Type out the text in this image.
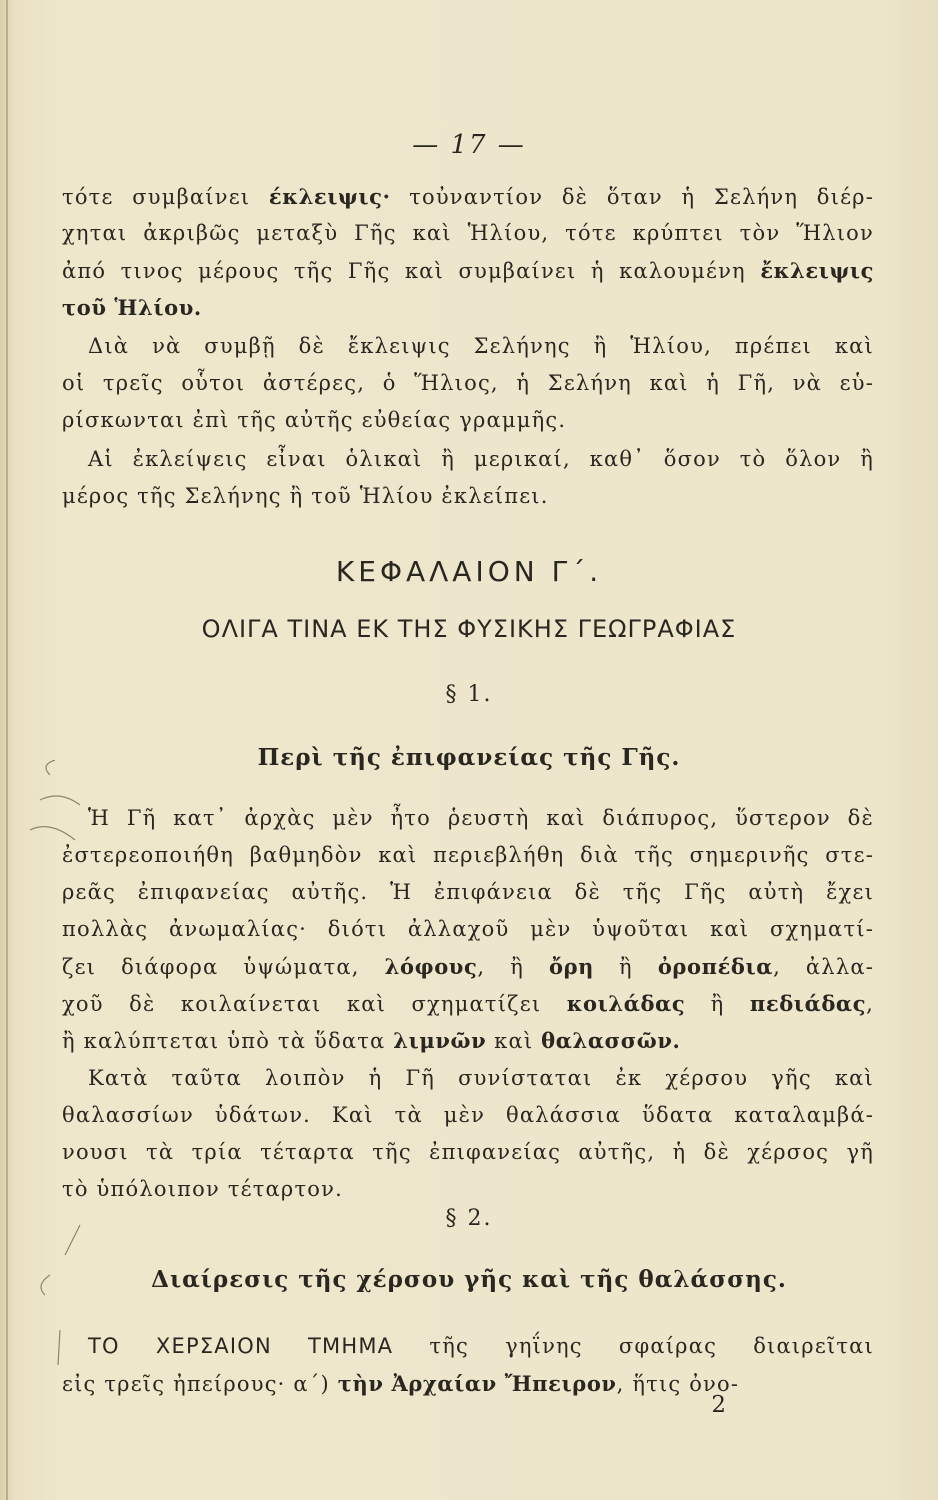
— 17 —
τότε συμβαίνει έκλειψις· τοὐναντίον δὲ ὅταν ἡ Σελήνη διέρ-
χηται ἀκριβῶς μεταξὺ Γῆς καὶ Ἡλίου, τότε κρύπτει τὸν Ἥλιον
ἀπό τινος μέρους τῆς Γῆς καὶ συμβαίνει ἡ καλουμένη ἔκλειψις
τοῦ Ἡλίου.
Διὰ νὰ συμβῇ δὲ ἔκλειψις Σελήνης ἢ Ἡλίου, πρέπει καὶ
οἱ τρεῖς οὗτοι ἀστέρες, ὁ Ἥλιος, ἡ Σελήνη καὶ ἡ Γῆ, νὰ εὑ-
ρίσκωνται ἐπὶ τῆς αὐτῆς εὐθείας γραμμῆς.
Αἱ ἐκλείψεις εἶναι ὁλικαὶ ἢ μερικαί, καθ᾿ ὅσον τὸ ὅλον ἢ
μέρος τῆς Σελήνης ἢ τοῦ Ἡλίου ἐκλείπει.
ΚΕΦΑΛΑΙΟΝ Γ΄.
ΟΛΙΓΑ ΤΙΝΑ ΕΚ ΤΗΣ ΦΥΣΙΚΗΣ ΓΕΩΓΡΑΦΙΑΣ
§ 1.
Περὶ τῆς ἐπιφανείας τῆς Γῆς.
Ἡ Γῆ κατ᾿ ἀρχὰς μὲν ἦτο ῥευστὴ καὶ διάπυρος, ὕστερον δὲ
ἐστερεοποιήθη βαθμηδὸν καὶ περιεβλήθη διὰ τῆς σημερινῆς στε-
ρεᾶς ἐπιφανείας αὐτῆς. Ἡ ἐπιφάνεια δὲ τῆς Γῆς αὐτὴ ἔχει
πολλὰς ἀνωμαλίας· διότι ἀλλαχοῦ μὲν ὑψοῦται καὶ σχηματί-
ζει διάφορα ὑψώματα, λόφους, ἢ ὄρη ἢ ὀροπέδια, ἀλλα-
χοῦ δὲ κοιλαίνεται καὶ σχηματίζει κοιλάδας ἢ πεδιάδας,
ἢ καλύπτεται ὑπὸ τὰ ὕδατα λιμνῶν καὶ θαλασσῶν.
Κατὰ ταῦτα λοιπὸν ἡ Γῆ συνίσταται ἐκ χέρσου γῆς καὶ
θαλασσίων ὑδάτων. Καὶ τὰ μὲν θαλάσσια ὕδατα καταλαμβά-
νουσι τὰ τρία τέταρτα τῆς ἐπιφανείας αὐτῆς, ἡ δὲ χέρσος γῆ
τὸ ὑπόλοιπον τέταρτον.
§ 2.
Διαίρεσις τῆς χέρσου γῆς καὶ τῆς θαλάσσης.
ΤΟ ΧΕΡΣΑΙΟΝ ΤΜΗΜΑ τῆς γηΐνης σφαίρας διαιρεῖται
εἰς τρεῖς ἠπείρους· α΄) τὴν Ἀρχαίαν Ἤπειρον, ἥτις ὀνο-
2
